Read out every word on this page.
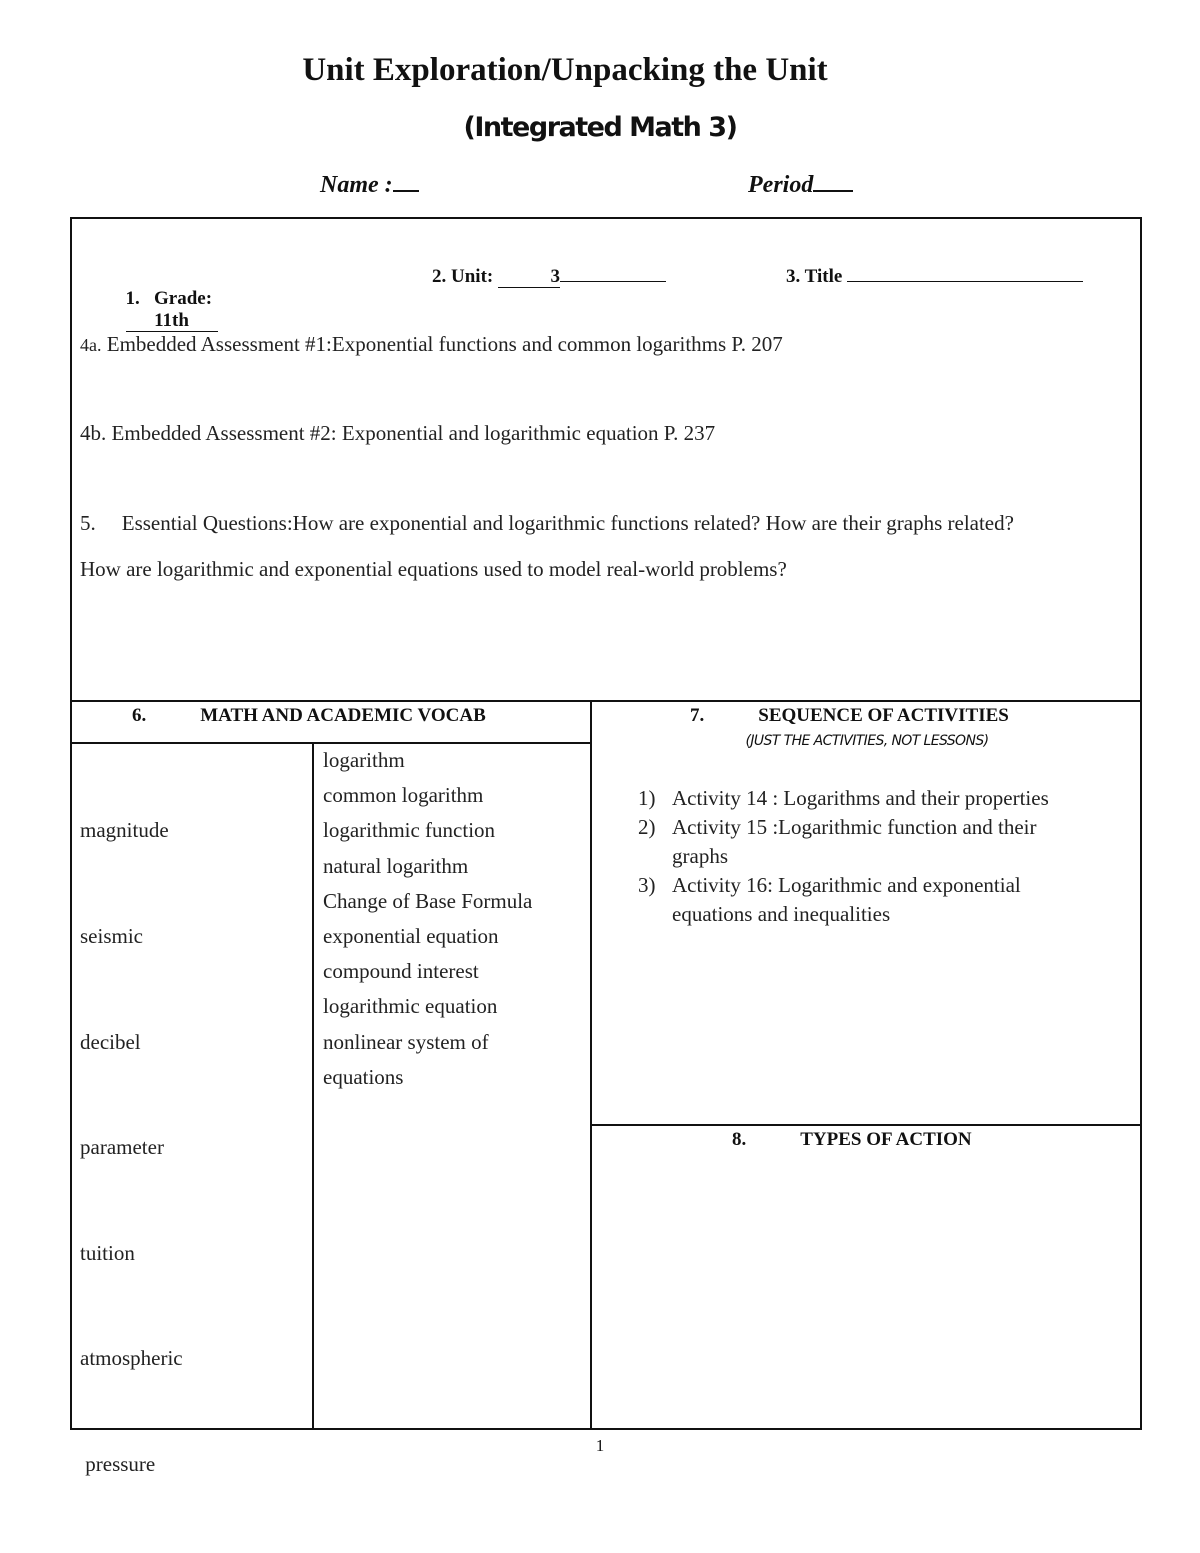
Unit Exploration/Unpacking the Unit
(Integrated Math 3)
Name :	Period

1.   Grade:
11th

2. Unit:	3	3. Title
4a. Embedded Assessment #1:Exponential functions and common logarithms P. 207
4b. Embedded Assessment #2: Exponential and logarithmic equation P. 237
5. Essential Questions:How are exponential and logarithmic functions related? How are their graphs related?
How are logarithmic and exponential equations used to model real-world problems?
6.	MATH AND ACADEMIC VOCAB

magnitude

seismic

decibel

parameter

tuition

atmospheric

pressure

logarithm
common logarithm
logarithmic function
natural logarithm
Change of Base Formula
exponential equation
compound interest
logarithmic equation
nonlinear system of
equations
7.	SEQUENCE OF ACTIVITIES
(JUST THE ACTIVITIES, NOT LESSONS)
1) Activity 14 : Logarithms and their properties
2) Activity 15 :Logarithmic function and their
graphs
3) Activity 16: Logarithmic and exponential
equations and inequalities
8.	TYPES OF ACTION
1
